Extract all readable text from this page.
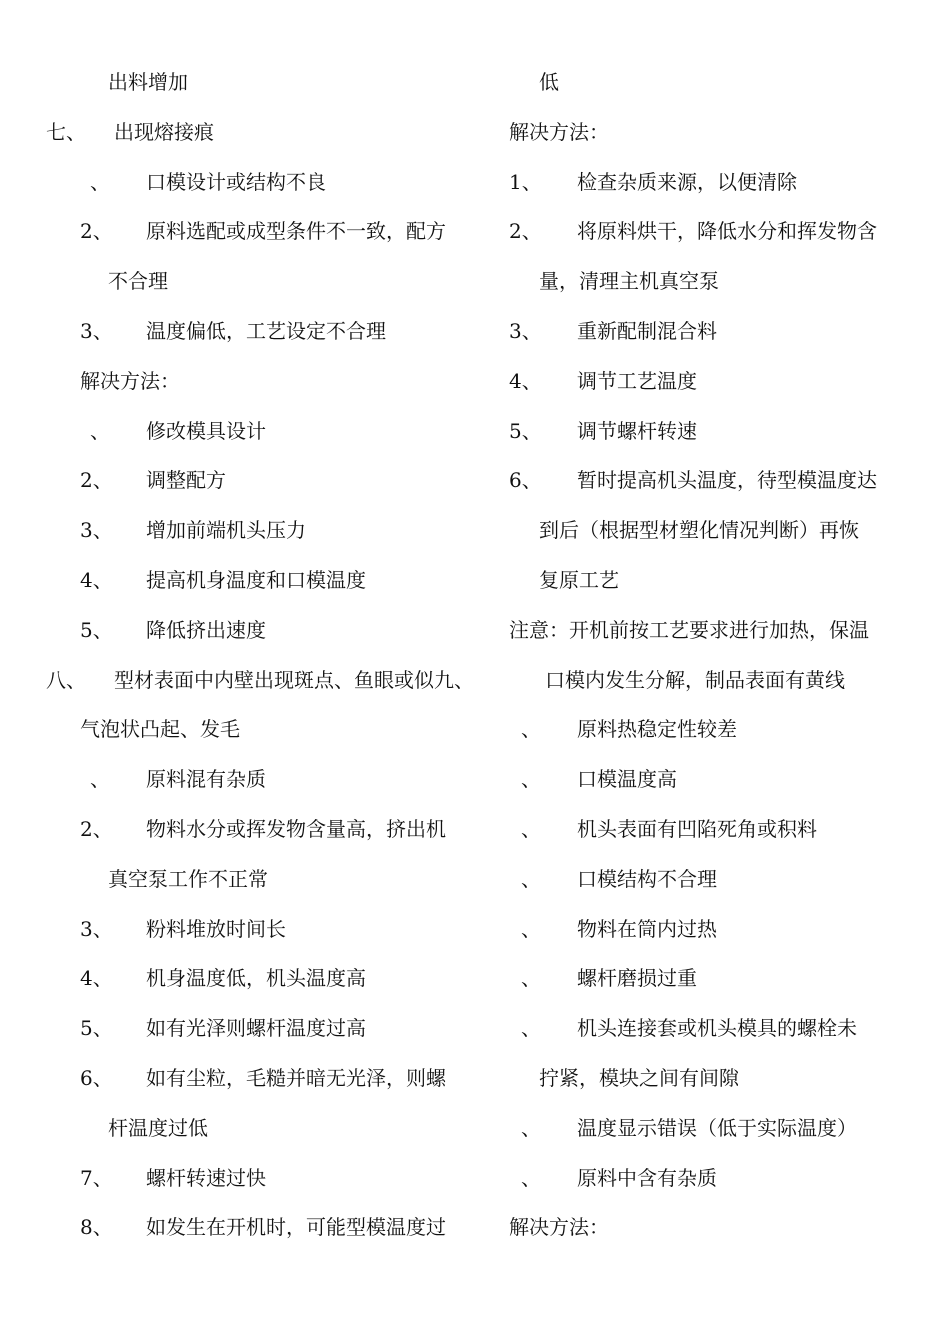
出料增加
七、 出现熔接痕
、 口模设计或结构不良
2、 原料选配或成型条件不一致，配方
不合理
3、 温度偏低，工艺设定不合理
解决方法：
、 修改模具设计
2、 调整配方
3、 增加前端机头压力
4、 提高机身温度和口模温度
5、 降低挤出速度
八、 型材表面中内壁出现斑点、鱼眼或似九、
气泡状凸起、发毛
、 原料混有杂质
2、 物料水分或挥发物含量高，挤出机
真空泵工作不正常
3、 粉料堆放时间长
4、 机身温度低，机头温度高
5、 如有光泽则螺杆温度过高
6、 如有尘粒，毛糙并暗无光泽，则螺
杆温度过低
7、 螺杆转速过快
8、 如发生在开机时，可能型模温度过
低
解决方法：
1、 检查杂质来源，以便清除
2、 将原料烘干，降低水分和挥发物含
量，清理主机真空泵
3、 重新配制混合料
4、 调节工艺温度
5、 调节螺杆转速
6、 暂时提高机头温度，待型模温度达
到后（根据型材塑化情况判断）再恢
复原工艺
注意：开机前按工艺要求进行加热，保温
口模内发生分解，制品表面有黄线
、 原料热稳定性较差
、 口模温度高
、 机头表面有凹陷死角或积料
、 口模结构不合理
、 物料在筒内过热
、 螺杆磨损过重
、 机头连接套或机头模具的螺栓未
拧紧，模块之间有间隙
、 温度显示错误（低于实际温度）
、 原料中含有杂质
解决方法：
